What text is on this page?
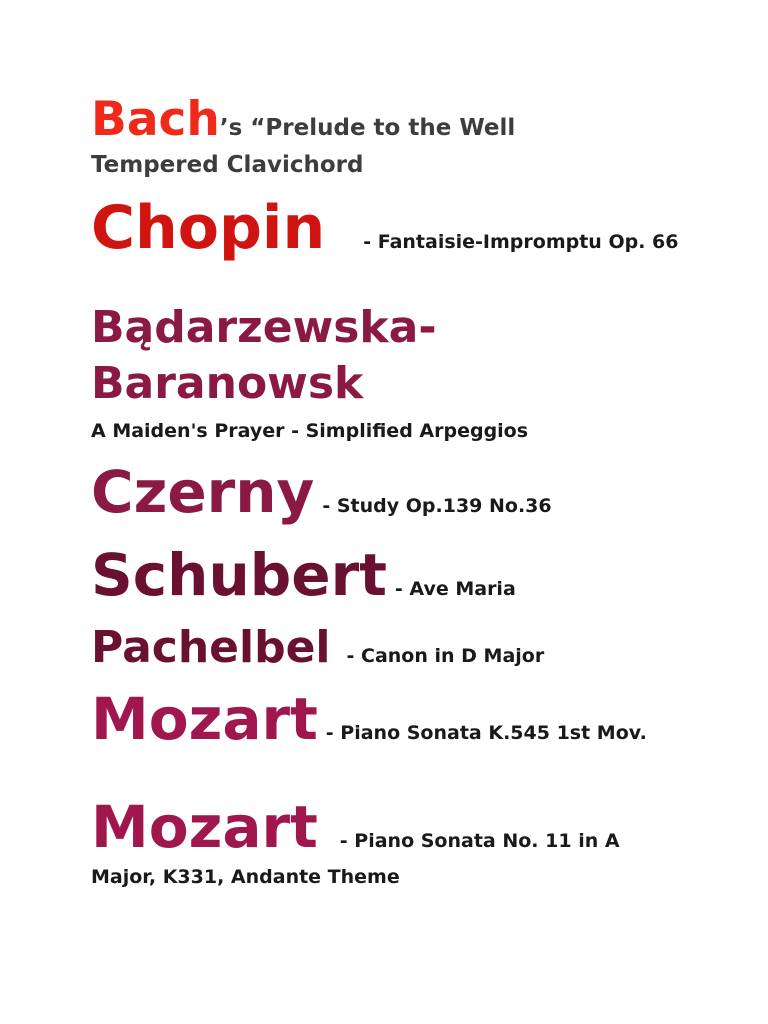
Bach’s “Prelude to the Well Tempered Clavichord

Chopin - Fantaisie-Impromptu Op. 66

Bądarzewska-
Baranowsk
A Maiden's Prayer - Simplified Arpeggios

Czerny - Study Op.139 No.36

Schubert - Ave Maria

Pachelbel - Canon in D Major

Mozart - Piano Sonata K.545 1st Mov.

Mozart - Piano Sonata No. 11 in A Major, K331, Andante Theme
